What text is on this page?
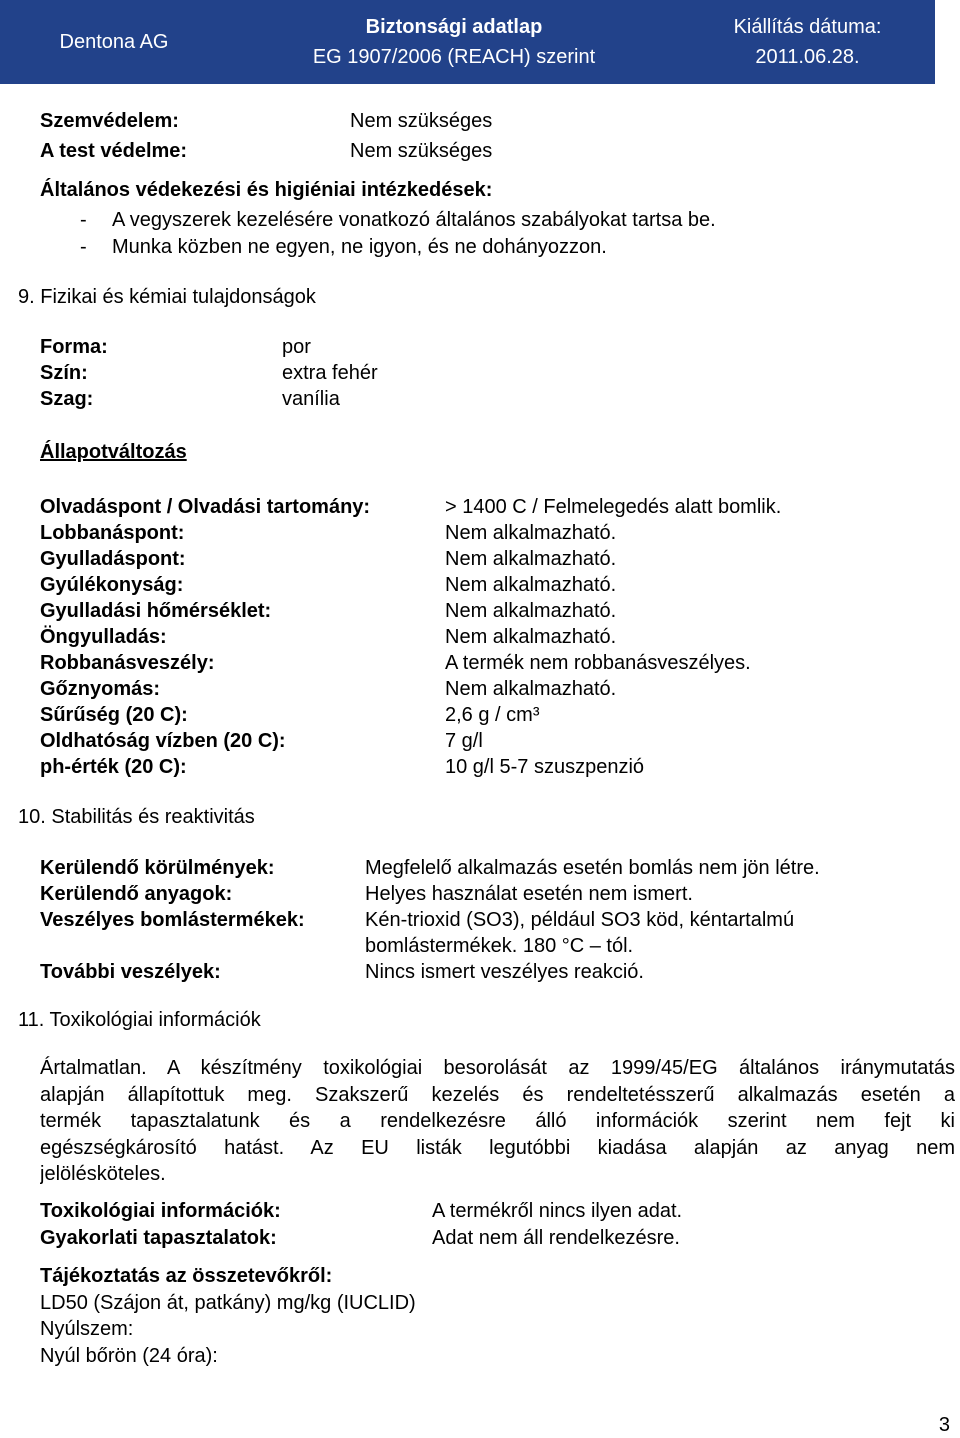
Dentona AG
Biztonsági adatlap
EG 1907/2006 (REACH) szerint
Kiállítás dátuma:
2011.06.28.
Szemvédelem:	Nem szükséges
A test védelme:	Nem szükséges
Általános védekezési és higiéniai intézkedések:
-	A vegyszerek kezelésére vonatkozó általános szabályokat tartsa be.
-	Munka közben ne egyen, ne igyon, és ne dohányozzon.
9. Fizikai és kémiai tulajdonságok
Forma:	por
Szín:	extra fehér
Szag:	vanília
Állapotváltozás
Olvadáspont / Olvadási tartomány:	> 1400 C / Felmelegedés alatt bomlik.
Lobbanáspont:	Nem alkalmazható.
Gyulladáspont:	Nem alkalmazható.
Gyúlékonyság:	Nem alkalmazható.
Gyulladási hőmérséklet:	Nem alkalmazható.
Öngyulladás:	Nem alkalmazható.
Robbanásveszély:	A termék nem robbanásveszélyes.
Gőznyomás:	Nem alkalmazható.
Sűrűség (20 C):	2,6 g / cm³
Oldhatóság vízben (20 C):	7 g/l
ph-érték (20 C):	10 g/l 5-7 szuszpenzió
10. Stabilitás és reaktivitás
Kerülendő körülmények:	Megfelelő alkalmazás esetén bomlás nem jön létre.
Kerülendő anyagok:	Helyes használat esetén nem ismert.
Veszélyes bomlástermékek:	Kén-trioxid (SO3), például SO3 köd, kéntartalmú
bomlástermékek. 180 °C – tól.
További veszélyek:	Nincs ismert veszélyes reakció.
11. Toxikológiai információk
Ártalmatlan. A készítmény toxikológiai besorolását az 1999/45/EG általános iránymutatás
alapján állapítottuk meg. Szakszerű kezelés és rendeltetésszerű alkalmazás esetén a
termék tapasztalatunk és a rendelkezésre álló információk szerint nem fejt ki
egészségkárosító hatást. Az EU listák legutóbbi kiadása alapján az anyag nem
jelölésköteles.
Toxikológiai információk:	A termékről nincs ilyen adat.
Gyakorlati tapasztalatok:	Adat nem áll rendelkezésre.
Tájékoztatás az összetevőkről:
LD50 (Szájon át, patkány) mg/kg (IUCLID)
Nyúlszem:
Nyúl bőrön (24 óra):
3
